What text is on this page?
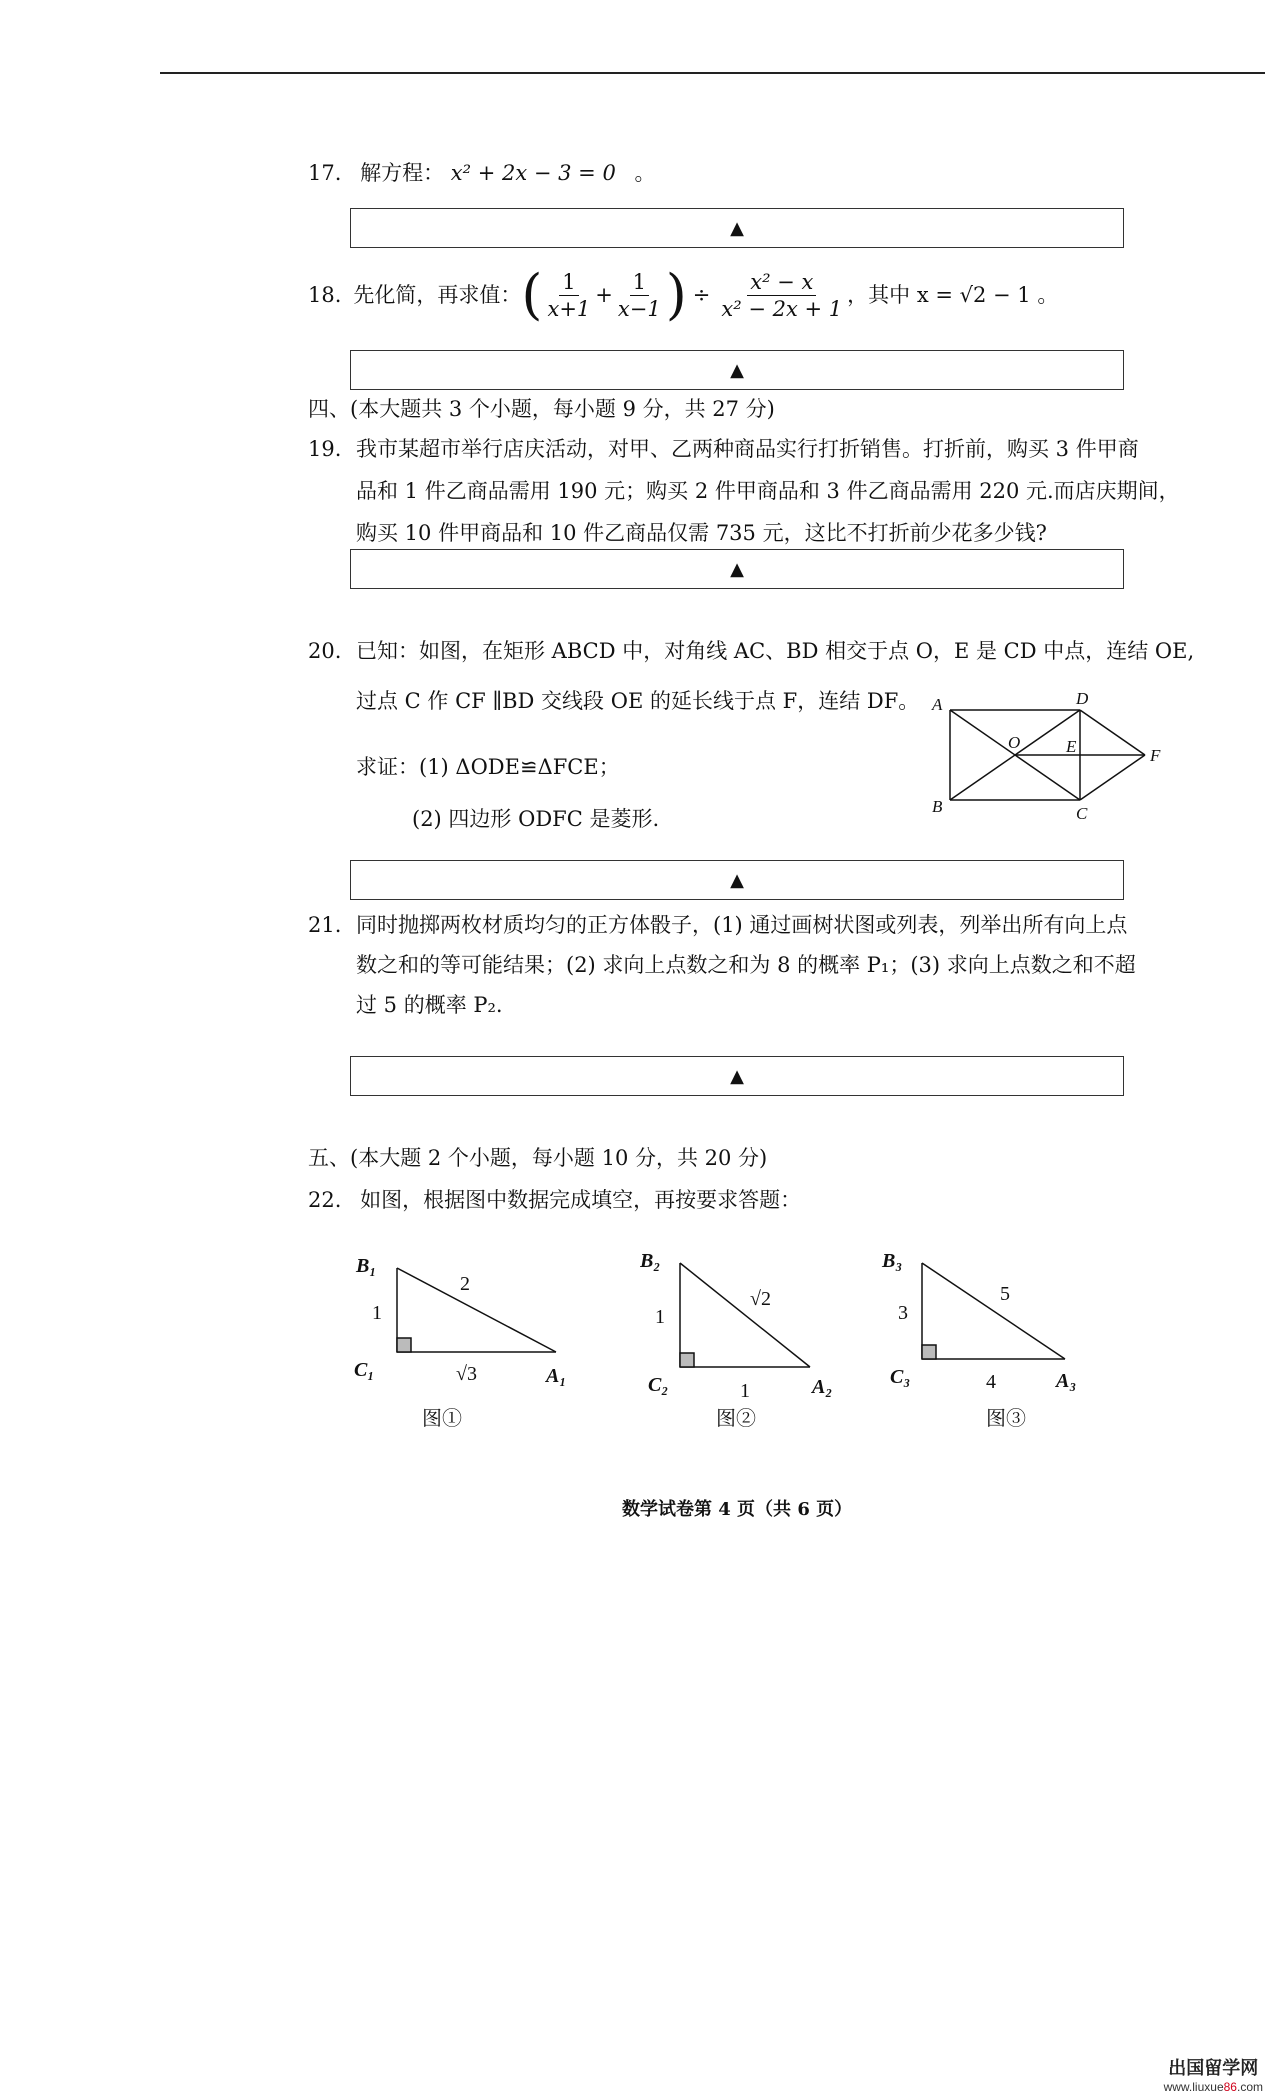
17. 解方程： x² + 2x − 3 = 0 。
▲
18. 先化简，再求值： ( $\frac{1}{x+1} + \frac{1}{x-1}$ ) ÷ $\frac{\text{x² − x}}{\text{x² − 2x + 1}}$ ，其中 x = √2 − 1 。
▲
四、(本大题共 3 个小题，每小题 9 分，共 27 分)
19. 我市某超市举行店庆活动，对甲、乙两种商品实行打折销售。打折前，购买 3 件甲商
品和 1 件乙商品需用 190 元；购买 2 件甲商品和 3 件乙商品需用 220 元.而店庆期间，
购买 10 件甲商品和 10 件乙商品仅需 735 元，这比不打折前少花多少钱?
▲
20. 已知：如图，在矩形 ABCD 中，对角线 AC、BD 相交于点 O，E 是 CD 中点，连结 OE,
过点 C 作 CF ∥BD 交线段 OE 的延长线于点 F，连结 DF。
求证：(1) ΔODE≌ΔFCE；
(2) 四边形 ODFC 是菱形.
A
B	C
D
O	E	F
▲
21. 同时抛掷两枚材质均匀的正方体骰子，(1) 通过画树状图或列表，列举出所有向上点
数之和的等可能结果；(2) 求向上点数之和为 8 的概率 P₁；(3) 求向上点数之和不超
过 5 的概率 P₂.
▲
五、(本大题 2 个小题，每小题 10 分，共 20 分)
22. 如图，根据图中数据完成填空，再按要求答题：
B₁
C₁	A₁
1
2
√3
图①
B₂
C₂	A₂
1
√2
1
图②
B₃
C₃	A₃
3
5
4
图③
数学试卷第 4 页（共 6 页）
出国留学网
www.liuxue86.com
